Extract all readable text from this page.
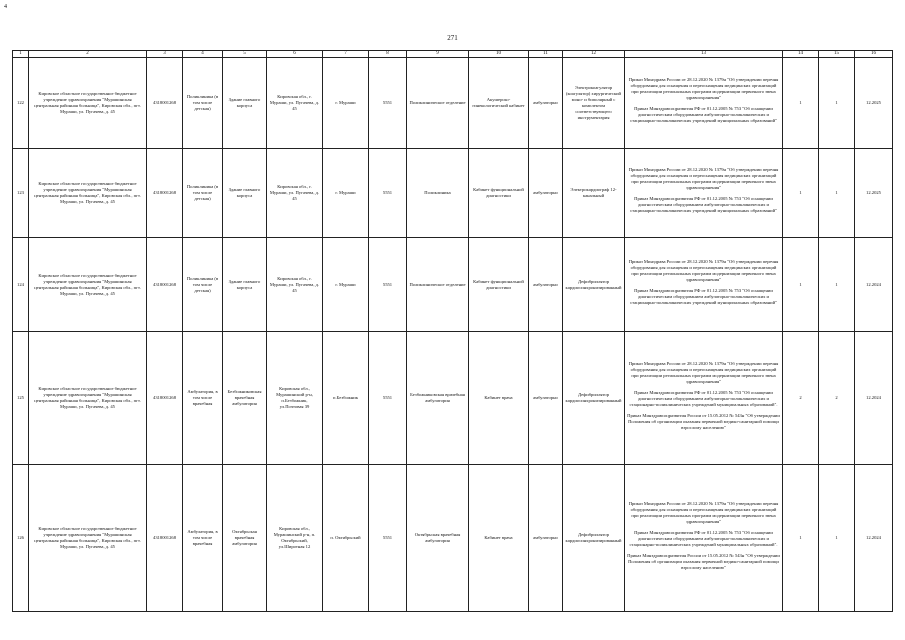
4
271
1	2	3	4	5	6	7	8	9	10	11	12	13	14	15	16
122	Кировское областное государственное бюджетное учреждение здравоохранения "Мурашинская центральная районная больница", Кировская обл., пгт. Мураши, ул. Пугачева, д. 45	4318001268	Поликлиника (в том числе детская)	Здание главного корпуса	Кировская обл., г. Мураши, ул. Пугачева, д. 45	г. Мураши	5551	Поликлиническое отделение	Акушерско-гинекологический кабинет	амбулаторно	Электрокоагулятор (коагулятор) хирургический моно- и биполярный с комплектом соответствующего инструментария	Приказ Минздрава России от 28.12.2020 № 1379н "Об утверждении перечня оборудования для оснащения и переоснащения медицинских организаций при реализации региональных программ модернизации первичного звена здравоохранения"
Приказ Минздравсоцразвития РФ от 01.12.2005 № 753 "Об оснащении диагностическим оборудованием амбулаторно-поликлинических и стационарно-поликлинических учреждений муниципальных образований"	1	1	12.2025
123	Кировское областное государственное бюджетное учреждение здравоохранения "Мурашинская центральная районная больница", Кировская обл., пгт. Мураши, ул. Пугачева, д. 45	4318001268	Поликлиника (в том числе детская)	Здание главного корпуса	Кировская обл., г. Мураши, ул. Пугачева, д. 45	г. Мураши	5551	Поликлиника	Кабинет функциональной диагностики	амбулаторно	Электрокардиограф 12-канальный	Приказ Минздрава России от 28.12.2020 № 1379н "Об утверждении перечня оборудования для оснащения и переоснащения медицинских организаций при реализации региональных программ модернизации первичного звена здравоохранения"
Приказ Минздравсоцразвития РФ от 01.12.2005 № 753 "Об оснащении диагностическим оборудованием амбулаторно-поликлинических и стационарно-поликлинических учреждений муниципальных образований"	1	1	12.2025
124	Кировское областное государственное бюджетное учреждение здравоохранения "Мурашинская центральная районная больница", Кировская обл., пгт. Мураши, ул. Пугачева, д. 45	4318001268	Поликлиника (в том числе детская)	Здание главного корпуса	Кировская обл., г. Мураши, ул. Пугачева, д. 45	г. Мураши	5551	Поликлиническое отделение	Кабинет функциональной диагностики	амбулаторно	Дефибриллятор кардиосинхронизированный	Приказ Минздрава России от 28.12.2020 № 1379н "Об утверждении перечня оборудования для оснащения и переоснащения медицинских организаций при реализации региональных программ модернизации первичного звена здравоохранения"
Приказ Минздравсоцразвития РФ от 01.12.2005 № 753 "Об оснащении диагностическим оборудованием амбулаторно-поликлинических и стационарно-поликлинических учреждений муниципальных образований"	1	1	12.2024
125	Кировское областное государственное бюджетное учреждение здравоохранения "Мурашинская центральная районная больница", Кировская обл., пгт. Мураши, ул. Пугачева, д. 45	4318001268	Амбулатория, в том числе врачебная	Безбожниковская врачебная амбулатория	Кировская обл., Мурашинский р-н, п.Безбожник, ул.Почтовая 39	п.Безбожник	5551	Безбожниковская врачебная амбулатория	Кабинет врача	амбулаторно	Дефибриллятор кардиосинхронизированный	Приказ Минздрава России от 28.12.2020 № 1379н "Об утверждении перечня оборудования для оснащения и переоснащения медицинских организаций при реализации региональных программ модернизации первичного звена здравоохранения"
Приказ Минздравсоцразвития РФ от 01.12.2005 № 753 "Об оснащении диагностическим оборудованием амбулаторно-поликлинических и стационарно-поликлинических учреждений муниципальных образований".
Приказ Минздравсоцразвития России от 15.05.2012 № 543н "Об утверждении Положения об организации оказания первичной медико-санитарной помощи взрослому населению"	2	2	12.2024
126	Кировское областное государственное бюджетное учреждение здравоохранения "Мурашинская центральная районная больница", Кировская обл., пгт. Мураши, ул. Пугачева, д. 45	4318001268	Амбулатория, в том числе врачебная	Октябрьская врачебная амбулатория	Кировская обл., Мурашинский р-н, п. Октябрьский, ул.Широтная 12	п. Октябрьский	5551	Октябрьская врачебная амбулатория	Кабинет врача	амбулаторно	Дефибриллятор кардиосинхронизированный	Приказ Минздрава России от 28.12.2020 № 1379н "Об утверждении перечня оборудования для оснащения и переоснащения медицинских организаций при реализации региональных программ модернизации первичного звена здравоохранения"
Приказ Минздравсоцразвития РФ от 01.12.2005 № 753 "Об оснащении диагностическим оборудованием амбулаторно-поликлинических и стационарно-поликлинических учреждений муниципальных образований".
Приказ Минздравсоцразвития России от 15.05.2012 № 543н "Об утверждении Положения об организации оказания первичной медико-санитарной помощи взрослому населению"	1	1	12.2024
